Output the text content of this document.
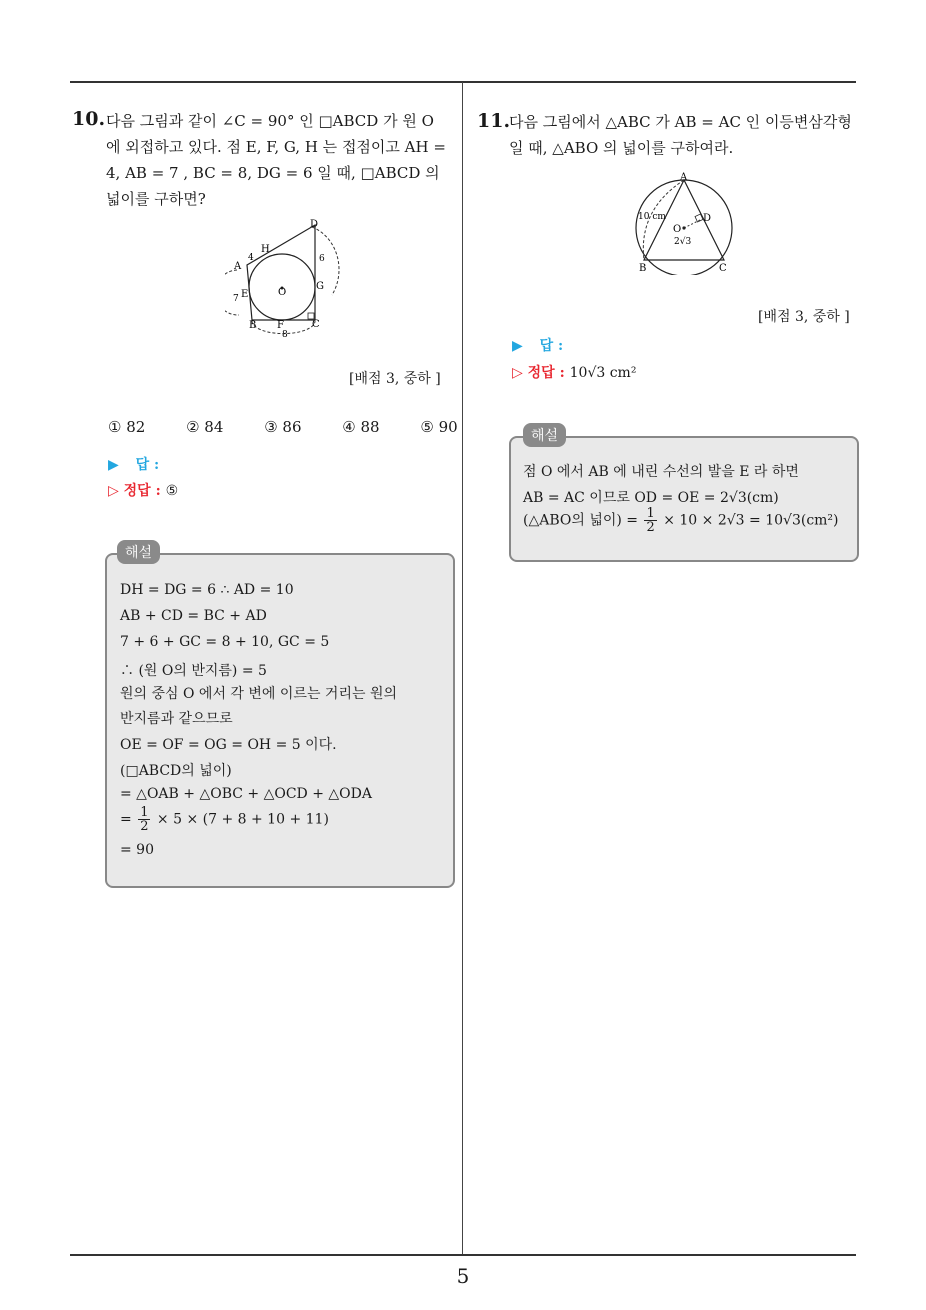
5
10. 다음 그림과 같이 ∠C = 90° 인 □ABCD 가 원 O
에 외접하고 있다. 점 E, F, G, H 는 접점이고 AH =
4, AB = 7 , BC = 8, DG = 6 일 때, □ABCD 의
넓이를 구하면?
A
B	C
D
E
F
G
H
O
4
7
8
6
[배점 3, 중하 ]
① 82	② 84	③ 86	④ 88	⑤ 90
▶ 답 :
▷ 정답 : ⑤
해설
DH = DG = 6 ∴ AD = 10
AB + CD = BC + AD
7 + 6 + GC = 8 + 10, GC = 5
∴ (원 O의 반지름) = 5
원의 중심 O 에서 각 변에 이르는 거리는 원의
반지름과 같으므로
OE = OF = OG = OH = 5 이다.
(□ABCD의 넓이)
= △OAB + △OBC + △OCD + △ODA
= $\frac{1}{2} \times 5 \times (7 + 8 + 10 + 11)$
= 90
11.
다음 그림에서 △ABC 가 AB = AC 인 이등변삼각형
일 때, △ABO 의 넓이를 구하여라.
A
B	C
D
O
10 cm
2√3
[배점 3, 중하 ]
▶ 답 :
▷ 정답 : 10√3 cm²
해설
점 O 에서 AB 에 내린 수선의 발을 E 라 하면
AB = AC 이므로 OD = OE = 2√3(cm)
(△ABO의 넓이) = $\frac{1}{2} \times 10 \times 2√3 = 10√3(cm^2)$
